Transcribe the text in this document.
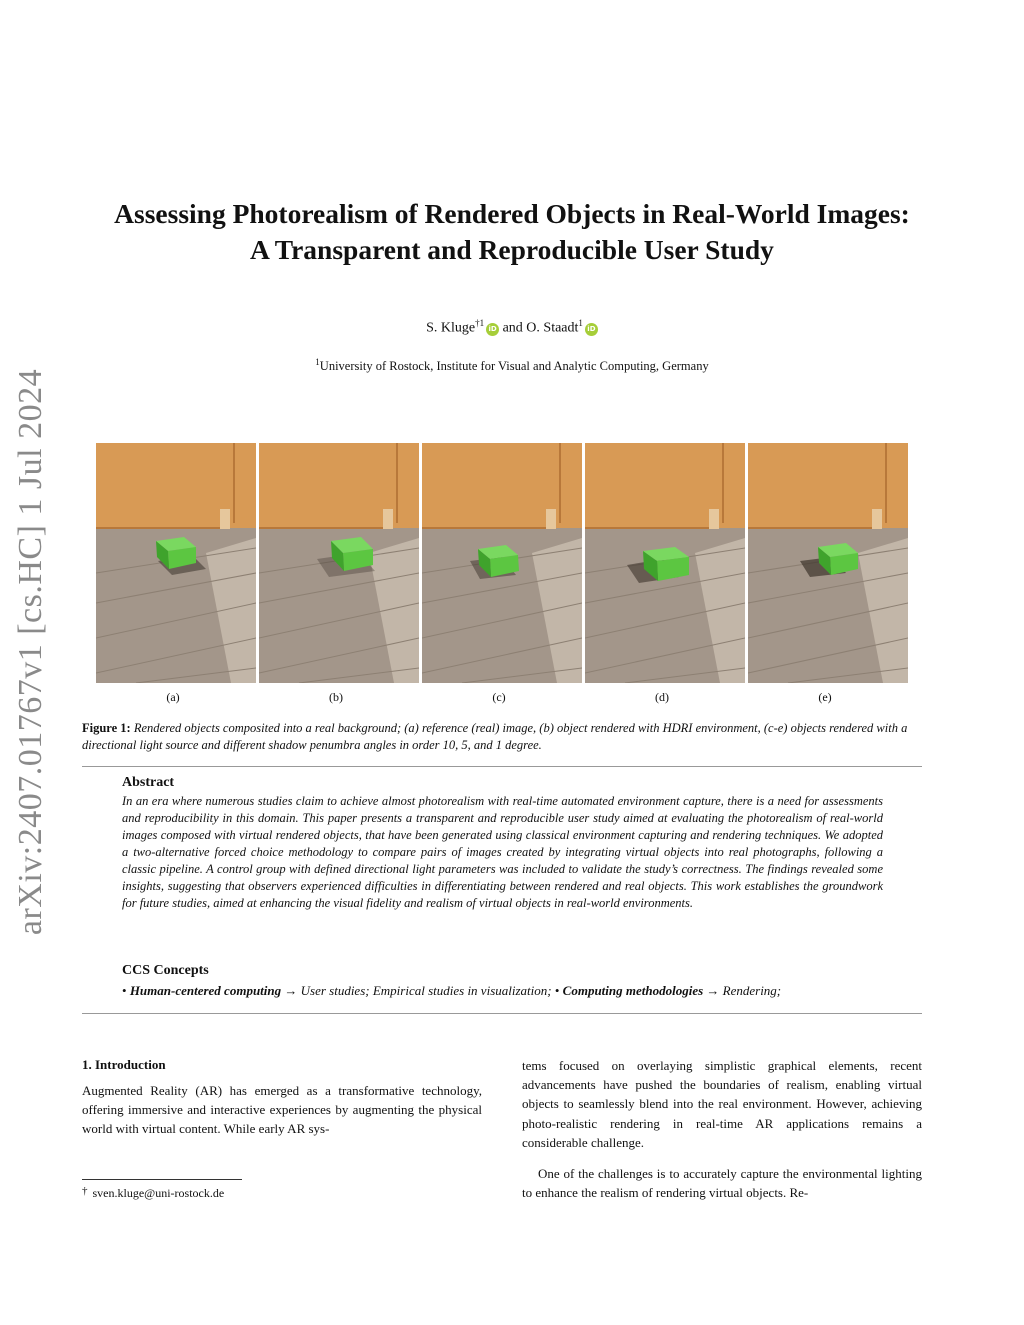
arXiv:2407.01767v1 [cs.HC] 1 Jul 2024
Assessing Photorealism of Rendered Objects in Real-World Images:
A Transparent and Reproducible User Study
S. Kluge$^{\dagger 1}$iD and O. Staadt$^1$iD
$^1$University of Rostock, Institute for Visual and Analytic Computing, Germany
(a)	(b)	(c)	(d)	(e)
Figure 1: Rendered objects composited into a real background; (a) reference (real) image, (b) object rendered with HDRI environment, (c-e) objects rendered with a directional light source and different shadow penumbra angles in order 10, 5, and 1 degree.
Abstract
In an era where numerous studies claim to achieve almost photorealism with real-time automated environment capture, there is a need for assessments and reproducibility in this domain. This paper presents a transparent and reproducible user study aimed at evaluating the photorealism of real-world images composed with virtual rendered objects, that have been generated using classical environment capturing and rendering techniques. We adopted a two-alternative forced choice methodology to compare pairs of images created by integrating virtual objects into real photographs, following a classic pipeline. A control group with defined directional light parameters was included to validate the study’s correctness. The findings revealed some insights, suggesting that observers experienced difficulties in differentiating between rendered and real objects. This work establishes the groundwork for future studies, aimed at enhancing the visual fidelity and realism of virtual objects in real-world environments.
CCS Concepts
• Human-centered computing → User studies; Empirical studies in visualization; • Computing methodologies → Rendering;
1. Introduction
Augmented Reality (AR) has emerged as a transformative technology, offering immersive and interactive experiences by augmenting the physical world with virtual content. While early AR sys-
tems focused on overlaying simplistic graphical elements, recent advancements have pushed the boundaries of realism, enabling virtual objects to seamlessly blend into the real environment. However, achieving photo-realistic rendering in real-time AR applications remains a considerable challenge.
One of the challenges is to accurately capture the environmental lighting to enhance the realism of rendering virtual objects. Re-
† sven.kluge@uni-rostock.de
